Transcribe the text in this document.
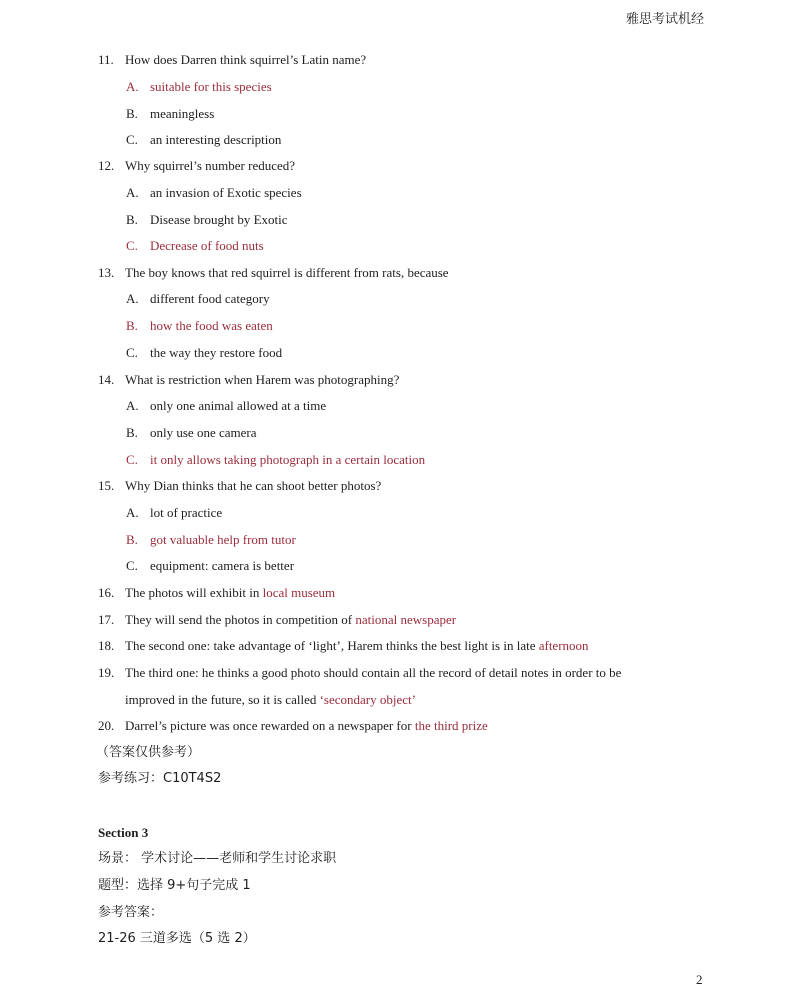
雅思考试机经
11. How does Darren think squirrel’s Latin name?
A. suitable for this species
B. meaningless
C. an interesting description
12. Why squirrel’s number reduced?
A. an invasion of Exotic species
B. Disease brought by Exotic
C. Decrease of food nuts
13. The boy knows that red squirrel is different from rats, because
A. different food category
B. how the food was eaten
C. the way they restore food
14. What is restriction when Harem was photographing?
A. only one animal allowed at a time
B. only use one camera
C. it only allows taking photograph in a certain location
15. Why Dian thinks that he can shoot better photos?
A. lot of practice
B. got valuable help from tutor
C. equipment: camera is better
16. The photos will exhibit in local museum
17. They will send the photos in competition of national newspaper
18. The second one: take advantage of ‘light’, Harem thinks the best light is in late afternoon
19. The third one: he thinks a good photo should contain all the record of detail notes in order to be
improved in the future, so it is called ‘secondary object’
20. Darrel’s picture was once rewarded on a newspaper for the third prize
（答案仅供参考）
参考练习：C10T4S2
Section 3
场景： 学术讨论——老师和学生讨论求职
题型：选择 9+句子完成 1
参考答案：
21-26 三道多选（5 选 2）
2
